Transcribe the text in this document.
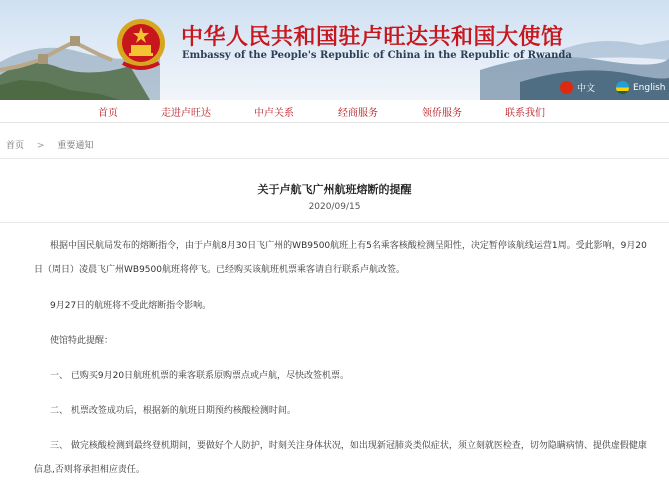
中华人民共和国驻卢旺达共和国大使馆
Embassy of the People's Republic of China in the Republic of Rwanda
中文	English
首页	走进卢旺达	中卢关系	经商服务	领侨服务	联系我们
首页 > 重要通知
关于卢航飞广州航班熔断的提醒
2020/09/15
根据中国民航局发布的熔断指令，由于卢航8月30日飞广州的WB9500航班上有5名乘客核酸检测呈阳性，决定暂停该航线运营1周。受此影响，9月20日（周日）凌晨飞广州WB9500航班将停飞。已经购买该航班机票乘客请自行联系卢航改签。
9月27日的航班将不受此熔断指令影响。
使馆特此提醒：
一、 已购买9月20日航班机票的乘客联系原购票点或卢航，尽快改签机票。
二、 机票改签成功后，根据新的航班日期预约核酸检测时间。
三、 做完核酸检测到最终登机期间，要做好个人防护，时刻关注身体状况，如出现新冠肺炎类似症状，须立刻就医检查，切勿隐瞒病情、提供虚假健康信息,否则将承担相应责任。
